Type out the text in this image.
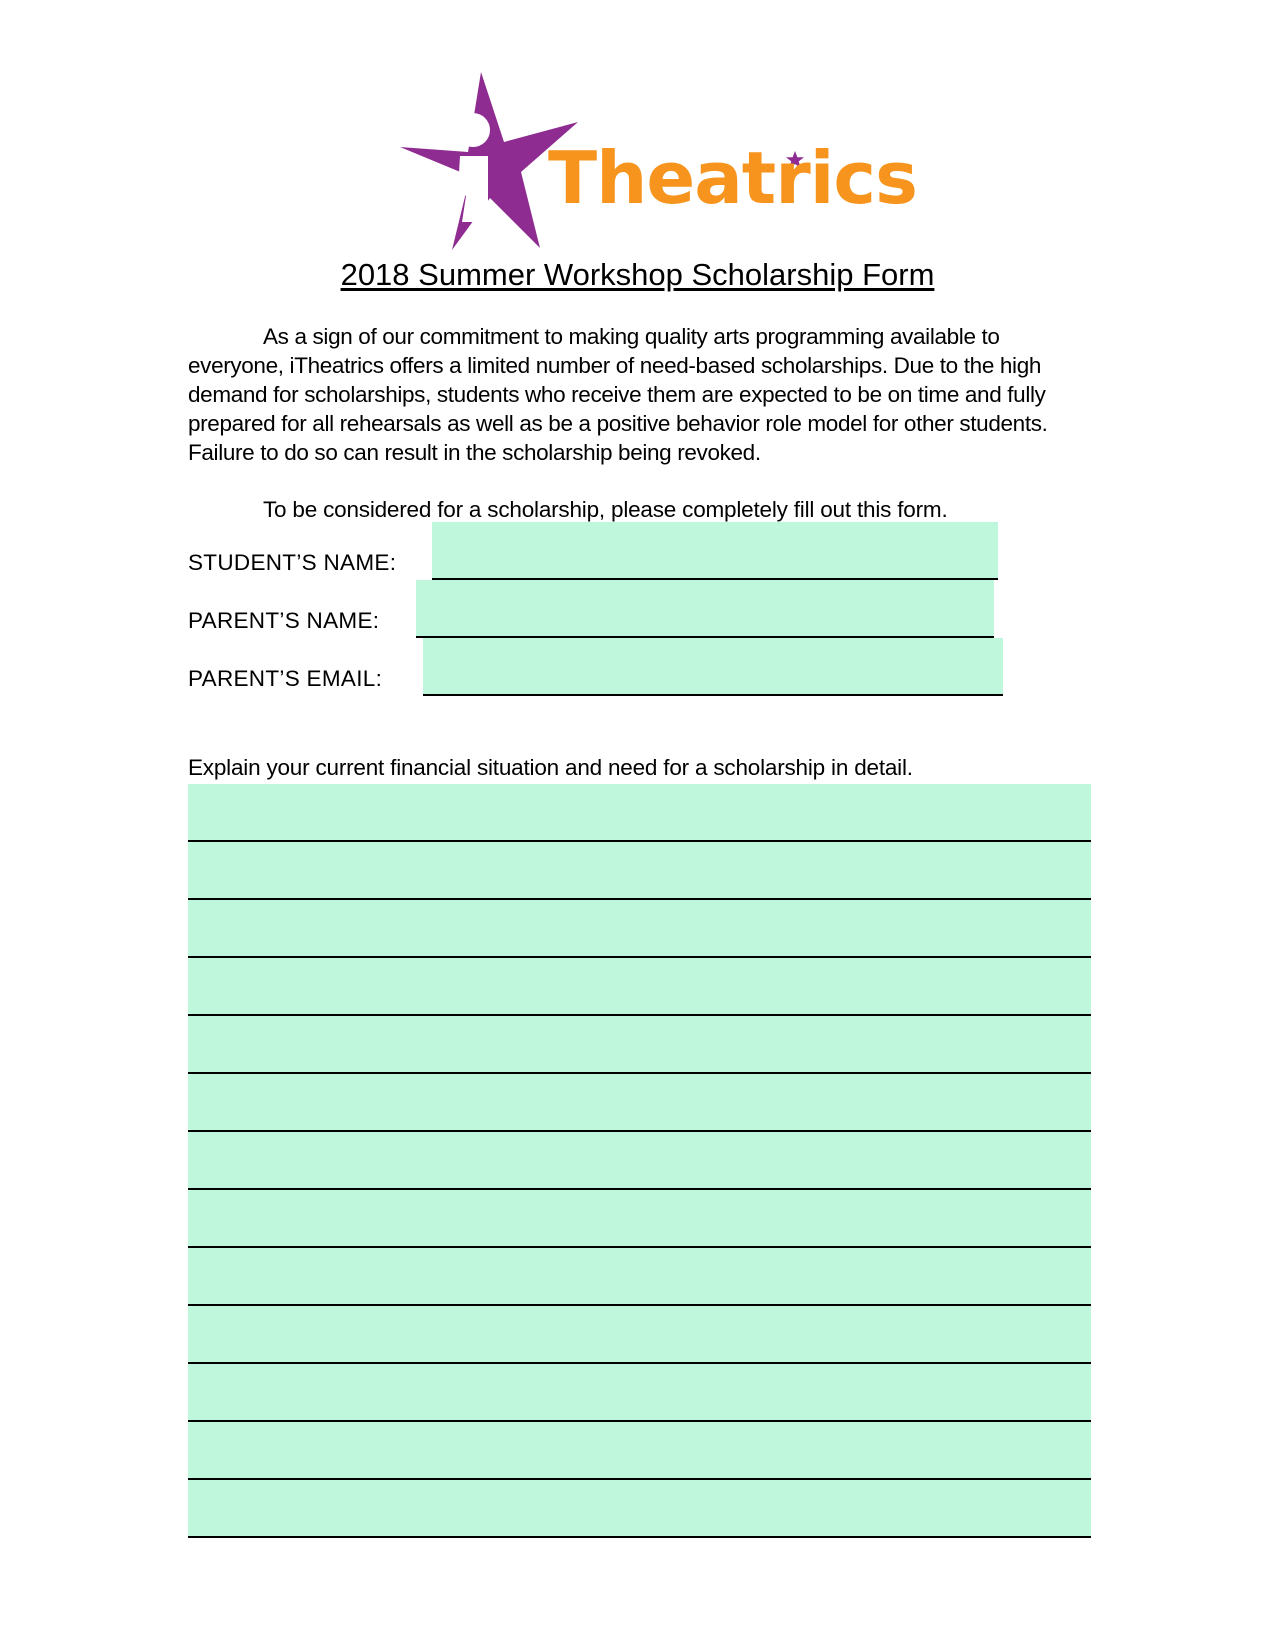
Theatrics
2018 Summer Workshop Scholarship Form

As a sign of our commitment to making quality arts programming available to everyone, iTheatrics offers a limited number of need-based scholarships. Due to the high demand for scholarships, students who receive them are expected to be on time and fully prepared for all rehearsals as well as be a positive behavior role model for other students. Failure to do so can result in the scholarship being revoked.

To be considered for a scholarship, please completely fill out this form.

STUDENT’S NAME:
PARENT’S NAME:
PARENT’S EMAIL:

Explain your current financial situation and need for a scholarship in detail.
